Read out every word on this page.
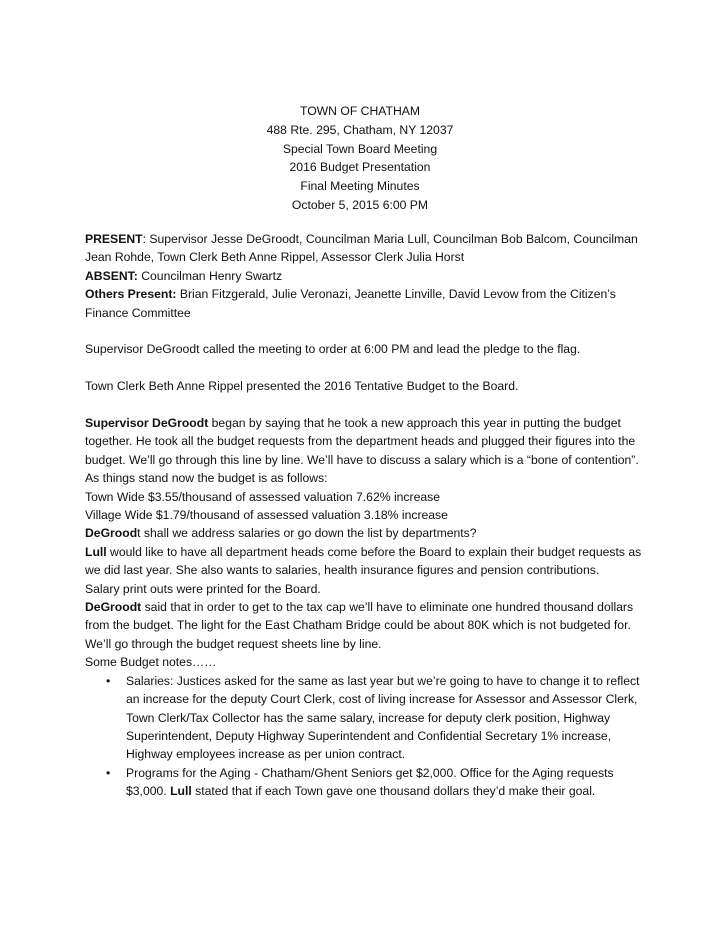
TOWN OF CHATHAM
488 Rte. 295, Chatham, NY 12037
Special Town Board Meeting
2016 Budget Presentation
Final Meeting Minutes
October 5, 2015 6:00 PM

PRESENT: Supervisor Jesse DeGroodt, Councilman Maria Lull, Councilman Bob Balcom, Councilman Jean Rohde, Town Clerk Beth Anne Rippel, Assessor Clerk Julia Horst

ABSENT: Councilman Henry Swartz

Others Present: Brian Fitzgerald, Julie Veronazi, Jeanette Linville, David Levow from the Citizen’s Finance Committee

Supervisor DeGroodt called the meeting to order at 6:00 PM and lead the pledge to the flag.

Town Clerk Beth Anne Rippel presented the 2016 Tentative Budget to the Board.

Supervisor DeGroodt began by saying that he took a new approach this year in putting the budget together. He took all the budget requests from the department heads and plugged their figures into the budget. We’ll go through this line by line. We’ll have to discuss a salary which is a “bone of contention”.

As things stand now the budget is as follows:

Town Wide $3.55/thousand of assessed valuation 7.62% increase

Village Wide $1.79/thousand of assessed valuation 3.18% increase

DeGroodt shall we address salaries or go down the list by departments?

Lull would like to have all department heads come before the Board to explain their budget requests as we did last year. She also wants to salaries, health insurance figures and pension contributions.

Salary print outs were printed for the Board.

DeGroodt said that in order to get to the tax cap we’ll have to eliminate one hundred thousand dollars from the budget. The light for the East Chatham Bridge could be about 80K which is not budgeted for. We’ll go through the budget request sheets line by line.

Some Budget notes……

• Salaries: Justices asked for the same as last year but we’re going to have to change it to reflect an increase for the deputy Court Clerk, cost of living increase for Assessor and Assessor Clerk, Town Clerk/Tax Collector has the same salary, increase for deputy clerk position, Highway Superintendent, Deputy Highway Superintendent and Confidential Secretary 1% increase, Highway employees increase as per union contract.
• Programs for the Aging - Chatham/Ghent Seniors get $2,000. Office for the Aging requests $3,000. Lull stated that if each Town gave one thousand dollars they’d make their goal.
